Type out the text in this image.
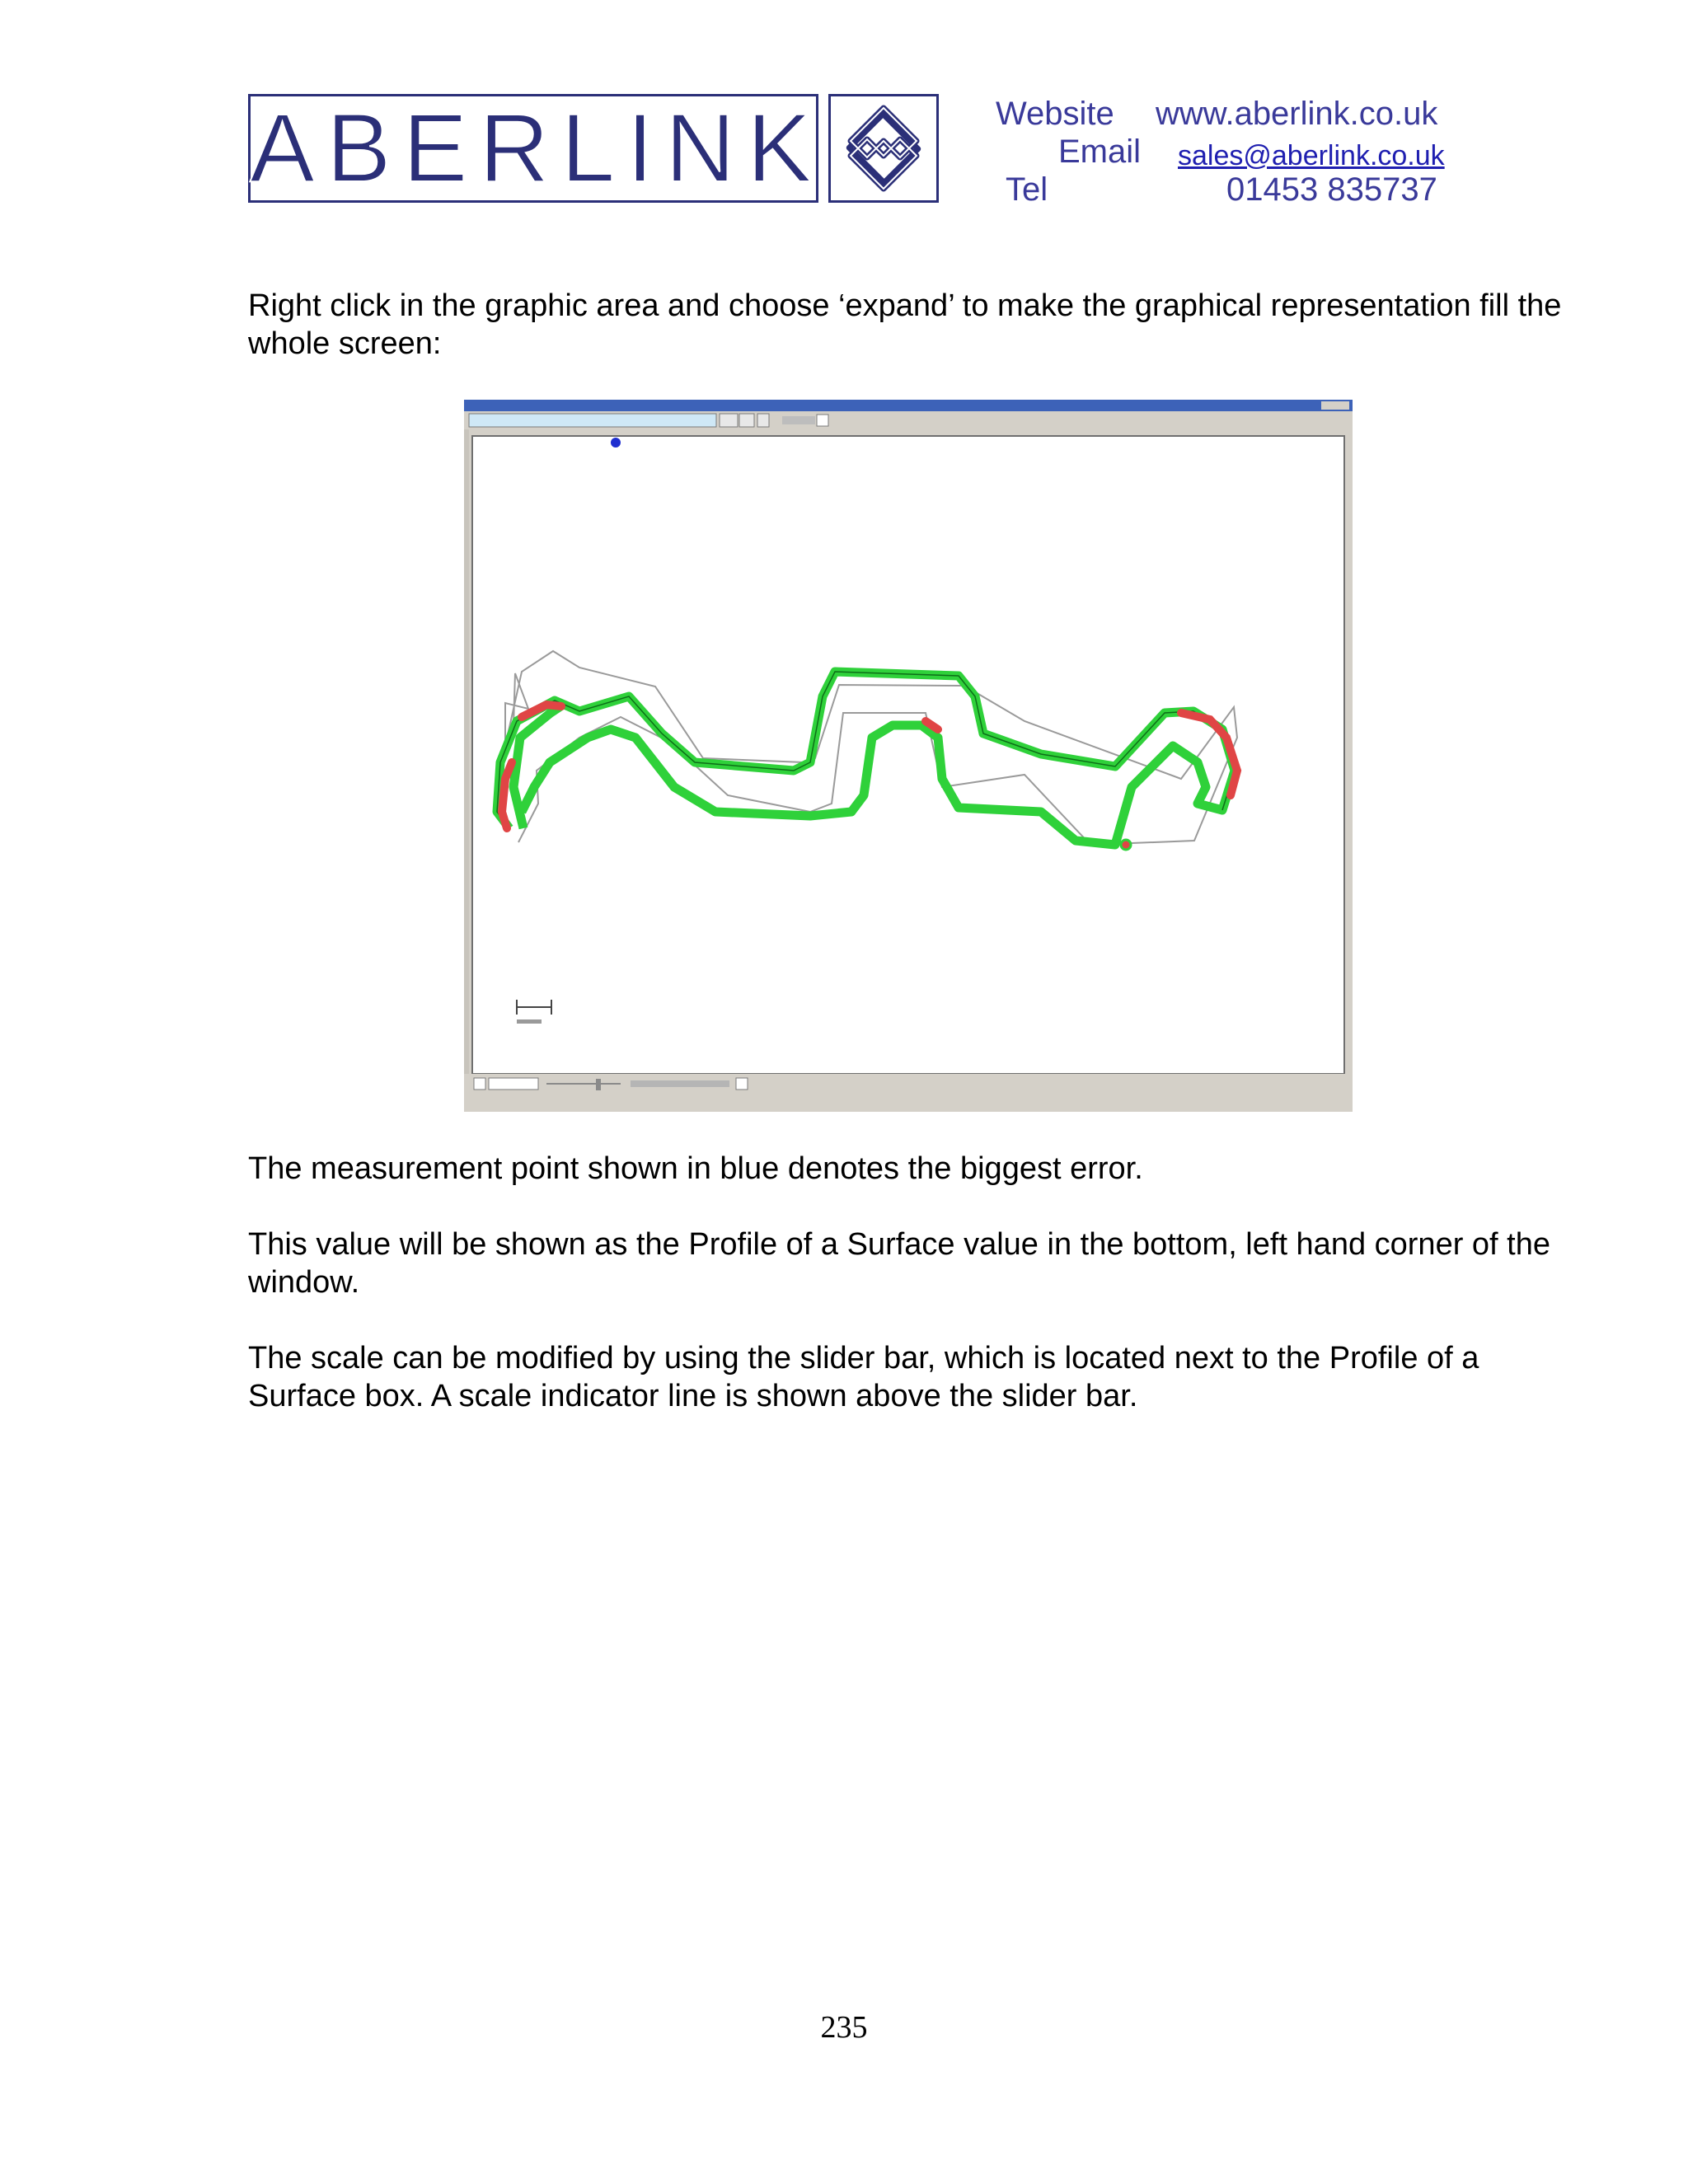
ABERLINK	Website www.aberlink.co.uk
Email sales@aberlink.co.uk
Tel	01453 835737

Right click in the graphic area and choose ‘expand’ to make the graphical representation fill the whole screen:

The measurement point shown in blue denotes the biggest error.

This value will be shown as the Profile of a Surface value in the bottom, left hand corner of the window.

The scale can be modified by using the slider bar, which is located next to the Profile of a Surface box. A scale indicator line is shown above the slider bar.

235
